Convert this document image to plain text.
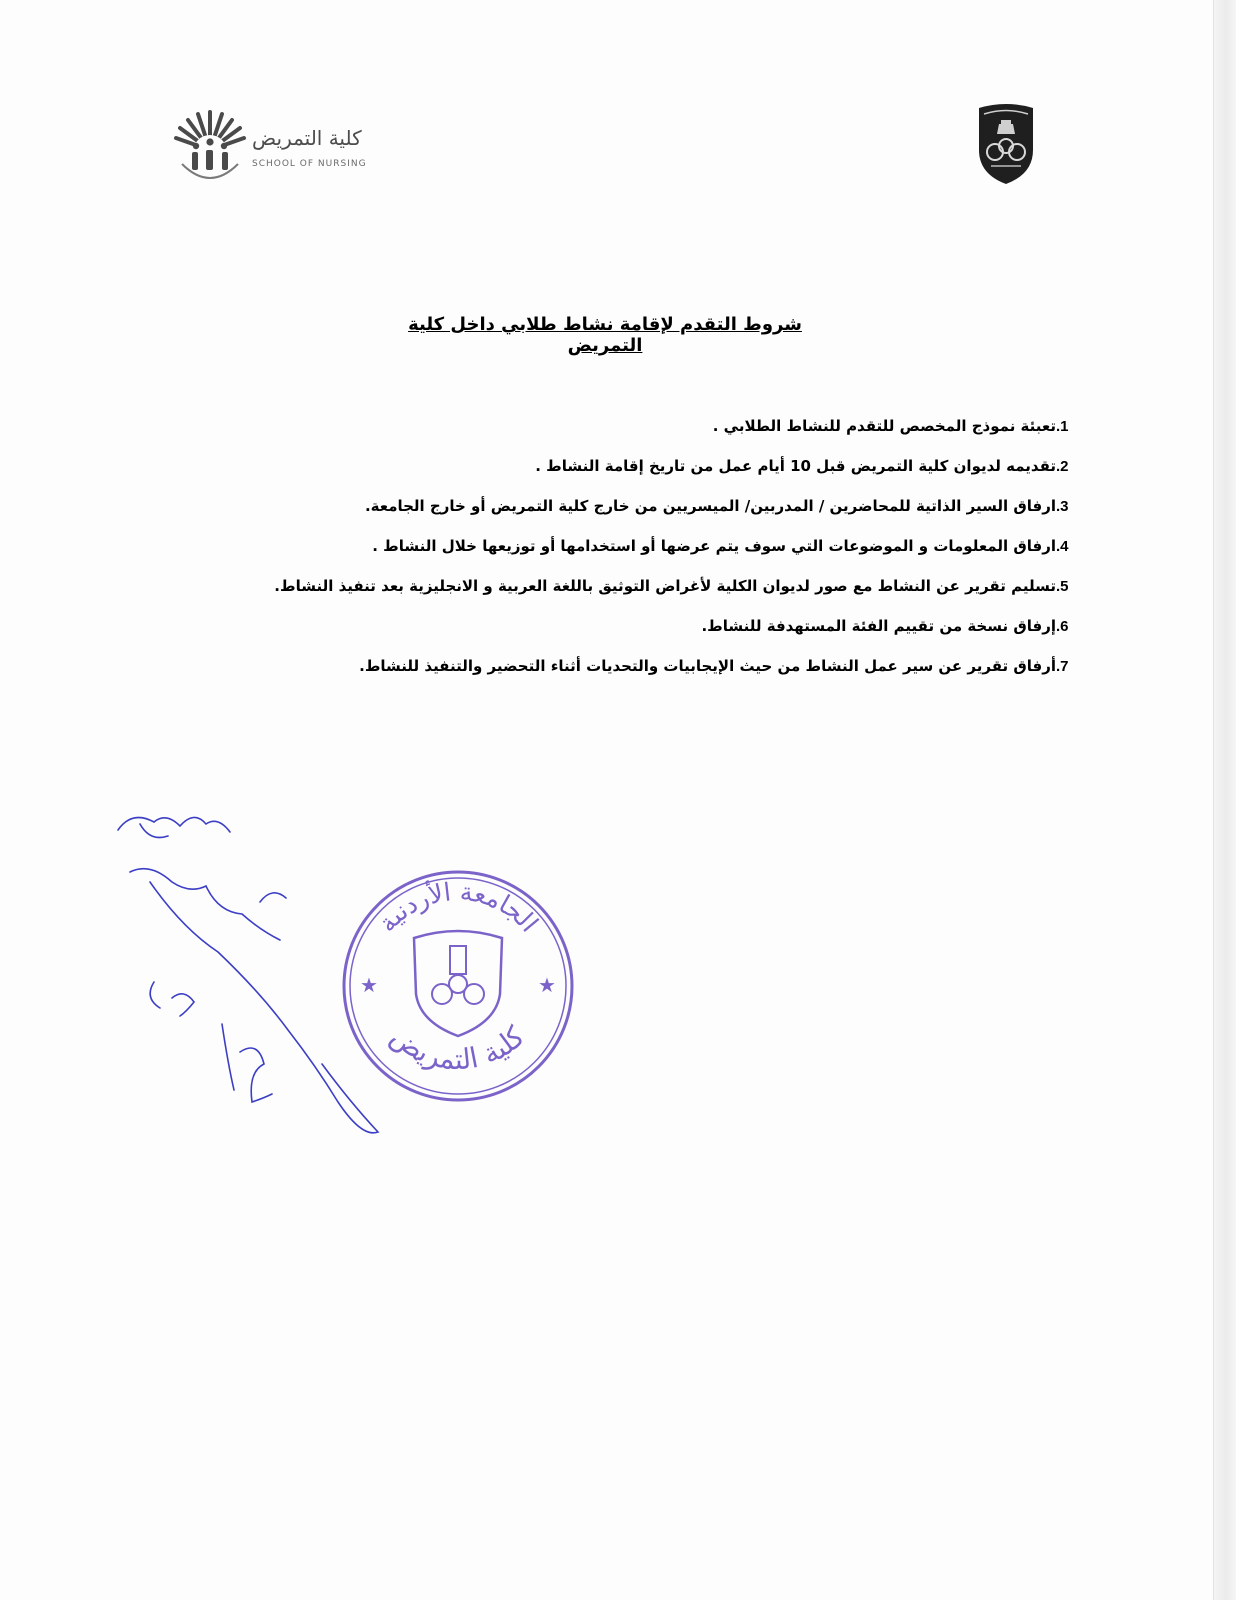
كلية التمريض
SCHOOL OF NURSING
شروط التقدم لإقامة نشاط طلابي داخل كلية التمريض
1.تعبئة نموذج المخصص للتقدم للنشاط الطلابي .
2.تقديمه لديوان كلية التمريض قبل 10 أيام عمل من تاريخ إقامة النشاط .
3.ارفاق السير الذاتية للمحاضرين / المدربين/ الميسريين من خارج كلية التمريض أو خارج الجامعة.
4.ارفاق المعلومات و الموضوعات التي سوف يتم عرضها أو استخدامها أو توزيعها خلال النشاط .
5.تسليم تقرير عن النشاط مع صور لديوان الكلية لأغراض التوثيق باللغة العربية و الانجليزية بعد تنفيذ النشاط.
6.إرفاق نسخة من تقييم الفئة المستهدفة للنشاط.
7.أرفاق تقرير عن سير عمل النشاط من حيث الإيجابيات والتحديات أثناء التحضير والتنفيذ للنشاط.
الجامعة الأردنية
كلية التمريض
★	★
